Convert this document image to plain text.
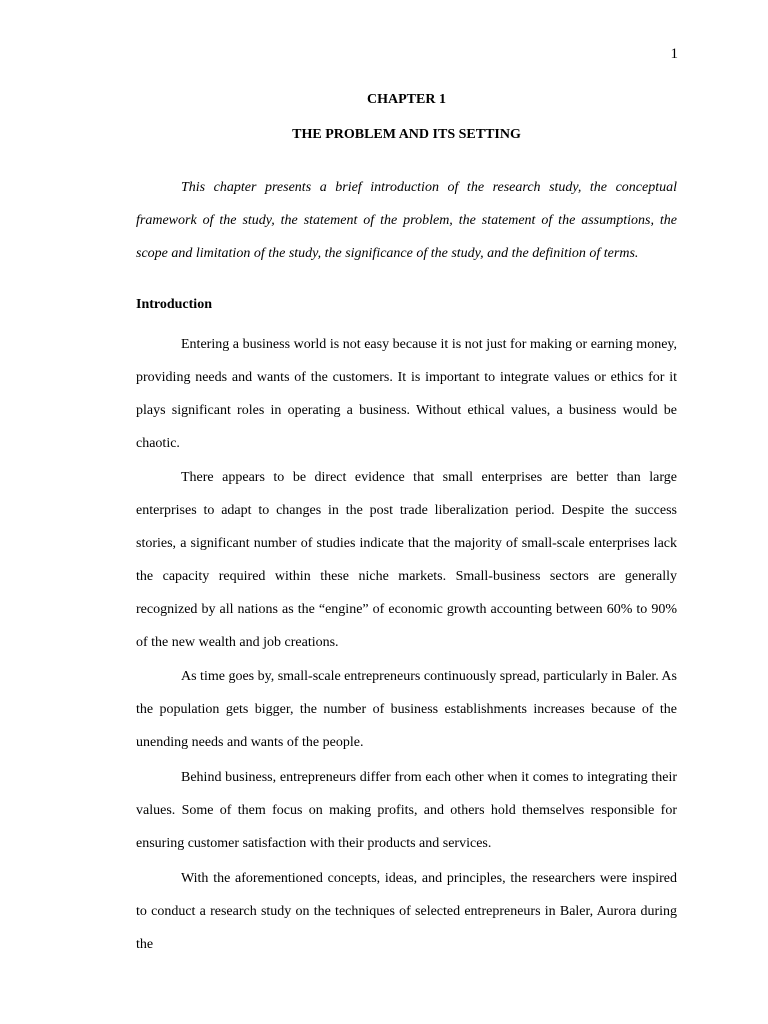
1
CHAPTER 1
THE PROBLEM AND ITS SETTING

This chapter presents a brief introduction of the research study, the conceptual framework of the study, the statement of the problem, the statement of the assumptions, the scope and limitation of the study, the significance of the study, and the definition of terms.

Introduction

Entering a business world is not easy because it is not just for making or earning money, providing needs and wants of the customers. It is important to integrate values or ethics for it plays significant roles in operating a business. Without ethical values, a business would be chaotic.

There appears to be direct evidence that small enterprises are better than large enterprises to adapt to changes in the post trade liberalization period. Despite the success stories, a significant number of studies indicate that the majority of small-scale enterprises lack the capacity required within these niche markets. Small-business sectors are generally recognized by all nations as the “engine” of economic growth accounting between 60% to 90% of the new wealth and job creations.

As time goes by, small-scale entrepreneurs continuously spread, particularly in Baler. As the population gets bigger, the number of business establishments increases because of the unending needs and wants of the people.

Behind business, entrepreneurs differ from each other when it comes to integrating their values. Some of them focus on making profits, and others hold themselves responsible for ensuring customer satisfaction with their products and services.

With the aforementioned concepts, ideas, and principles, the researchers were inspired to conduct a research study on the techniques of selected entrepreneurs in Baler, Aurora during the
